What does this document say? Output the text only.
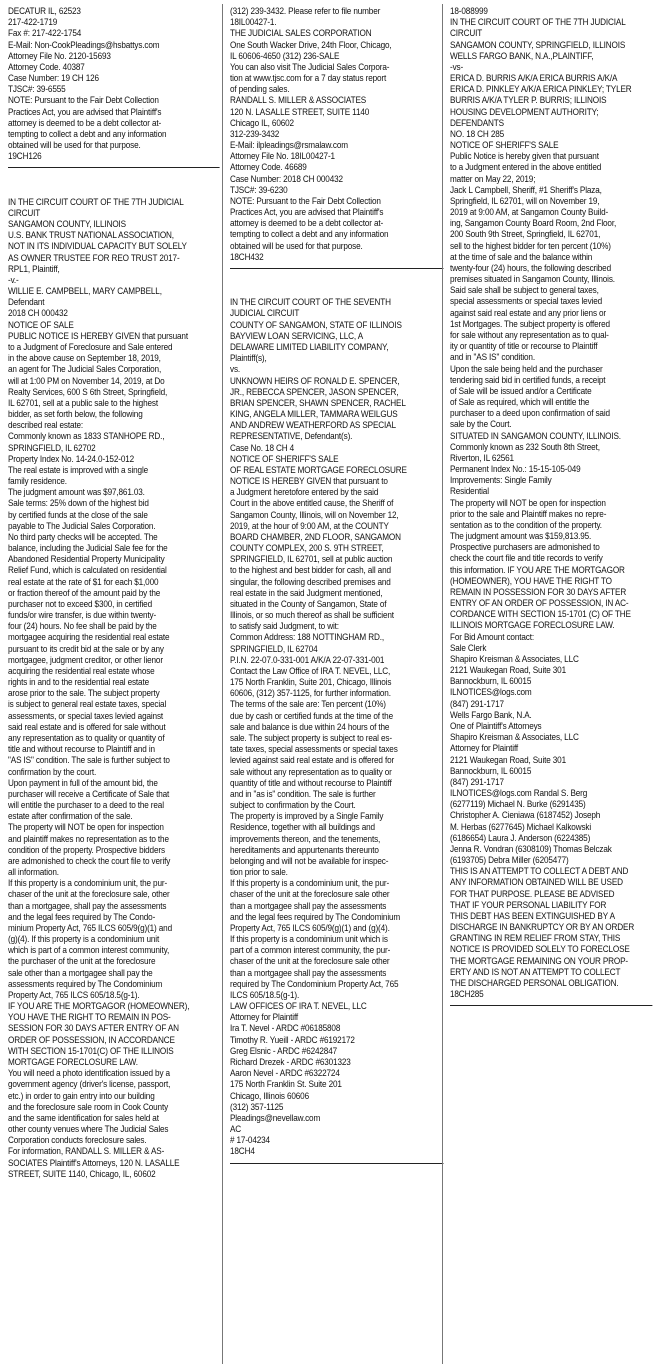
DECATUR IL, 62523
217-422-1719
Fax #: 217-422-1754
E-Mail: Non-CookPleadings@hsbattys.com
Attorney File No. 2120-15693
Attorney Code. 40387
Case Number: 19 CH 126
TJSC#: 39-6555
NOTE: Pursuant to the Fair Debt Collection
Practices Act, you are advised that Plaintiff's
attorney is deemed to be a debt collector at-
tempting to collect a debt and any information
obtained will be used for that purpose.
19CH126
IN THE CIRCUIT COURT OF THE 7TH JUDICIAL
CIRCUIT
SANGAMON COUNTY, ILLINOIS
U.S. BANK TRUST NATIONAL ASSOCIATION,
NOT IN ITS INDIVIDUAL CAPACITY BUT SOLELY
AS OWNER TRUSTEE FOR REO TRUST 2017-
RPL1, Plaintiff,
-v.-
WILLIE E. CAMPBELL, MARY CAMPBELL,
Defendant
2018 CH 000432
NOTICE OF SALE
PUBLIC NOTICE IS HEREBY GIVEN that pursuant
to a Judgment of Foreclosure and Sale entered
in the above cause on September 18, 2019,
an agent for The Judicial Sales Corporation,
will at 1:00 PM on November 14, 2019, at Do
Realty Services, 600 S 6th Street, Springfield,
IL 62701, sell at a public sale to the highest
bidder, as set forth below, the following
described real estate:
Commonly known as 1833 STANHOPE RD.,
SPRINGFIELD, IL 62702
Property Index No. 14-24.0-152-012
The real estate is improved with a single
family residence.
The judgment amount was $97,861.03.
Sale terms: 25% down of the highest bid
by certified funds at the close of the sale
payable to The Judicial Sales Corporation.
No third party checks will be accepted. The
balance, including the Judicial Sale fee for the
Abandoned Residential Property Municipality
Relief Fund, which is calculated on residential
real estate at the rate of $1 for each $1,000
or fraction thereof of the amount paid by the
purchaser not to exceed $300, in certified
funds/or wire transfer, is due within twenty-
four (24) hours. No fee shall be paid by the
mortgagee acquiring the residential real estate
pursuant to its credit bid at the sale or by any
mortgagee, judgment creditor, or other lienor
acquiring the residential real estate whose
rights in and to the residential real estate
arose prior to the sale. The subject property
is subject to general real estate taxes, special
assessments, or special taxes levied against
said real estate and is offered for sale without
any representation as to quality or quantity of
title and without recourse to Plaintiff and in
"AS IS" condition. The sale is further subject to
confirmation by the court.
Upon payment in full of the amount bid, the
purchaser will receive a Certificate of Sale that
will entitle the purchaser to a deed to the real
estate after confirmation of the sale.
The property will NOT be open for inspection
and plaintiff makes no representation as to the
condition of the property. Prospective bidders
are admonished to check the court file to verify
all information.
If this property is a condominium unit, the pur-
chaser of the unit at the foreclosure sale, other
than a mortgagee, shall pay the assessments
and the legal fees required by The Condo-
minium Property Act, 765 ILCS 605/9(g)(1) and
(g)(4). If this property is a condominium unit
which is part of a common interest community,
the purchaser of the unit at the foreclosure
sale other than a mortgagee shall pay the
assessments required by The Condominium
Property Act, 765 ILCS 605/18.5(g-1).
IF YOU ARE THE MORTGAGOR (HOMEOWNER),
YOU HAVE THE RIGHT TO REMAIN IN POS-
SESSION FOR 30 DAYS AFTER ENTRY OF AN
ORDER OF POSSESSION, IN ACCORDANCE
WITH SECTION 15-1701(C) OF THE ILLINOIS
MORTGAGE FORECLOSURE LAW.
You will need a photo identification issued by a
government agency (driver's license, passport,
etc.) in order to gain entry into our building
and the foreclosure sale room in Cook County
and the same identification for sales held at
other county venues where The Judicial Sales
Corporation conducts foreclosure sales.
For information, RANDALL S. MILLER & AS-
SOCIATES Plaintiff's Attorneys, 120 N. LASALLE
STREET, SUITE 1140, Chicago, IL, 60602
(312) 239-3432. Please refer to file number
18IL00427-1.
THE JUDICIAL SALES CORPORATION
One South Wacker Drive, 24th Floor, Chicago,
IL 60606-4650 (312) 236-SALE
You can also visit The Judicial Sales Corpora-
tion at www.tjsc.com for a 7 day status report
of pending sales.
RANDALL S. MILLER & ASSOCIATES
120 N. LASALLE STREET, SUITE 1140
Chicago IL, 60602
312-239-3432
E-Mail: ilpleadings@rsmalaw.com
Attorney File No. 18IL00427-1
Attorney Code. 46689
Case Number: 2018 CH 000432
TJSC#: 39-6230
NOTE: Pursuant to the Fair Debt Collection
Practices Act, you are advised that Plaintiff's
attorney is deemed to be a debt collector at-
tempting to collect a debt and any information
obtained will be used for that purpose.
18CH432
IN THE CIRCUIT COURT OF THE SEVENTH
JUDICIAL CIRCUIT
COUNTY OF SANGAMON, STATE OF ILLINOIS
BAYVIEW LOAN SERVICING, LLC, A
DELAWARE LIMITED LIABILITY COMPANY,
Plaintiff(s),
vs.
UNKNOWN HEIRS OF RONALD E. SPENCER,
JR., REBECCA SPENCER, JASON SPENCER,
BRIAN SPENCER, SHAWN SPENCER, RACHEL
KING, ANGELA MILLER, TAMMARA WEILGUS
AND ANDREW WEATHERFORD AS SPECIAL
REPRESENTATIVE, Defendant(s).
Case No. 18 CH 4
NOTICE OF SHERIFF'S SALE
OF REAL ESTATE MORTGAGE FORECLOSURE
NOTICE IS HEREBY GIVEN that pursuant to
a Judgment heretofore entered by the said
Court in the above entitled cause, the Sheriff of
Sangamon County, Illinois, will on November 12,
2019, at the hour of 9:00 AM, at the COUNTY
BOARD CHAMBER, 2ND FLOOR, SANGAMON
COUNTY COMPLEX, 200 S. 9TH STREET,
SPRINGFIELD, IL 62701, sell at public auction
to the highest and best bidder for cash, all and
singular, the following described premises and
real estate in the said Judgment mentioned,
situated in the County of Sangamon, State of
Illinois, or so much thereof as shall be sufficient
to satisfy said Judgment, to wit:
Common Address: 188 NOTTINGHAM RD.,
SPRINGFIELD, IL 62704
P.I.N. 22-07.0-331-001 A/K/A 22-07-331-001
Contact the Law Office of IRA T. NEVEL, LLC,
175 North Franklin, Suite 201, Chicago, Illinois
60606, (312) 357-1125, for further information.
The terms of the sale are: Ten percent (10%)
due by cash or certified funds at the time of the
sale and balance is due within 24 hours of the
sale. The subject property is subject to real es-
tate taxes, special assessments or special taxes
levied against said real estate and is offered for
sale without any representation as to quality or
quantity of title and without recourse to Plaintiff
and in "as is" condition. The sale is further
subject to confirmation by the Court.
The property is improved by a Single Family
Residence, together with all buildings and
improvements thereon, and the tenements,
hereditaments and appurtenants thereunto
belonging and will not be available for inspec-
tion prior to sale.
If this property is a condominium unit, the pur-
chaser of the unit at the foreclosure sale other
than a mortgagee shall pay the assessments
and the legal fees required by The Condominium
Property Act, 765 ILCS 605/9(g)(1) and (g)(4).
If this property is a condominium unit which is
part of a common interest community, the pur-
chaser of the unit at the foreclosure sale other
than a mortgagee shall pay the assessments
required by The Condominium Property Act, 765
ILCS 605/18.5(g-1).
LAW OFFICES OF IRA T. NEVEL, LLC
Attorney for Plaintiff
Ira T. Nevel - ARDC #06185808
Timothy R. Yueill - ARDC #6192172
Greg Elsnic - ARDC #6242847
Richard Drezek - ARDC #6301323
Aaron Nevel - ARDC #6322724
175 North Franklin St. Suite 201
Chicago, Illinois 60606
(312) 357-1125
Pleadings@nevellaw.com
AC
# 17-04234
18CH4
18-088999
IN THE CIRCUIT COURT OF THE 7TH JUDICIAL
CIRCUIT
SANGAMON COUNTY, SPRINGFIELD, ILLINOIS
WELLS FARGO BANK, N.A.,PLAINTIFF,
-vs-
ERICA D. BURRIS A/K/A ERICA BURRIS A/K/A
ERICA D. PINKLEY A/K/A ERICA PINKLEY; TYLER
BURRIS A/K/A TYLER P. BURRIS; ILLINOIS
HOUSING DEVELOPMENT AUTHORITY;
DEFENDANTS
NO. 18 CH 285
NOTICE OF SHERIFF'S SALE
Public Notice is hereby given that pursuant
to a Judgment entered in the above entitled
matter on May 22, 2019;
Jack L Campbell, Sheriff, #1 Sheriff's Plaza,
Springfield, IL 62701, will on November 19,
2019 at 9:00 AM, at Sangamon County Build-
ing, Sangamon County Board Room, 2nd Floor,
200 South 9th Street, Springfield, IL 62701,
sell to the highest bidder for ten percent (10%)
at the time of sale and the balance within
twenty-four (24) hours, the following described
premises situated in Sangamon County, Illinois.
Said sale shall be subject to general taxes,
special assessments or special taxes levied
against said real estate and any prior liens or
1st Mortgages. The subject property is offered
for sale without any representation as to qual-
ity or quantity of title or recourse to Plaintiff
and in "AS IS" condition.
Upon the sale being held and the purchaser
tendering said bid in certified funds, a receipt
of Sale will be issued and/or a Certificate
of Sale as required, which will entitle the
purchaser to a deed upon confirmation of said
sale by the Court.
SITUATED IN SANGAMON COUNTY, ILLINOIS.
Commonly known as 232 South 8th Street,
Riverton, IL 62561
Permanent Index No.: 15-15-105-049
Improvements: Single Family
Residential
The property will NOT be open for inspection
prior to the sale and Plaintiff makes no repre-
sentation as to the condition of the property.
The judgment amount was $159,813.95.
Prospective purchasers are admonished to
check the court file and title records to verify
this information. IF YOU ARE THE MORTGAGOR
(HOMEOWNER), YOU HAVE THE RIGHT TO
REMAIN IN POSSESSION FOR 30 DAYS AFTER
ENTRY OF AN ORDER OF POSSESSION, IN AC-
CORDANCE WITH SECTION 15-1701 (C) OF THE
ILLINOIS MORTGAGE FORECLOSURE LAW.
For Bid Amount contact:
Sale Clerk
Shapiro Kreisman & Associates, LLC
2121 Waukegan Road, Suite 301
Bannockburn, IL 60015
ILNOTICES@logs.com
(847) 291-1717
Wells Fargo Bank, N.A.
One of Plaintiff's Attorneys
Shapiro Kreisman & Associates, LLC
Attorney for Plaintiff
2121 Waukegan Road, Suite 301
Bannockburn, IL 60015
(847) 291-1717
ILNOTICES@logs.com Randal S. Berg
(6277119) Michael N. Burke (6291435)
Christopher A. Cieniawa (6187452) Joseph
M. Herbas (6277645) Michael Kalkowski
(6186654) Laura J. Anderson (6224385)
Jenna R. Vondran (6308109) Thomas Belczak
(6193705) Debra Miller (6205477)
THIS IS AN ATTEMPT TO COLLECT A DEBT AND
ANY INFORMATION OBTAINED WILL BE USED
FOR THAT PURPOSE. PLEASE BE ADVISED
THAT IF YOUR PERSONAL LIABILITY FOR
THIS DEBT HAS BEEN EXTINGUISHED BY A
DISCHARGE IN BANKRUPTCY OR BY AN ORDER
GRANTING IN REM RELIEF FROM STAY, THIS
NOTICE IS PROVIDED SOLELY TO FORECLOSE
THE MORTGAGE REMAINING ON YOUR PROP-
ERTY AND IS NOT AN ATTEMPT TO COLLECT
THE DISCHARGED PERSONAL OBLIGATION.
18CH285
